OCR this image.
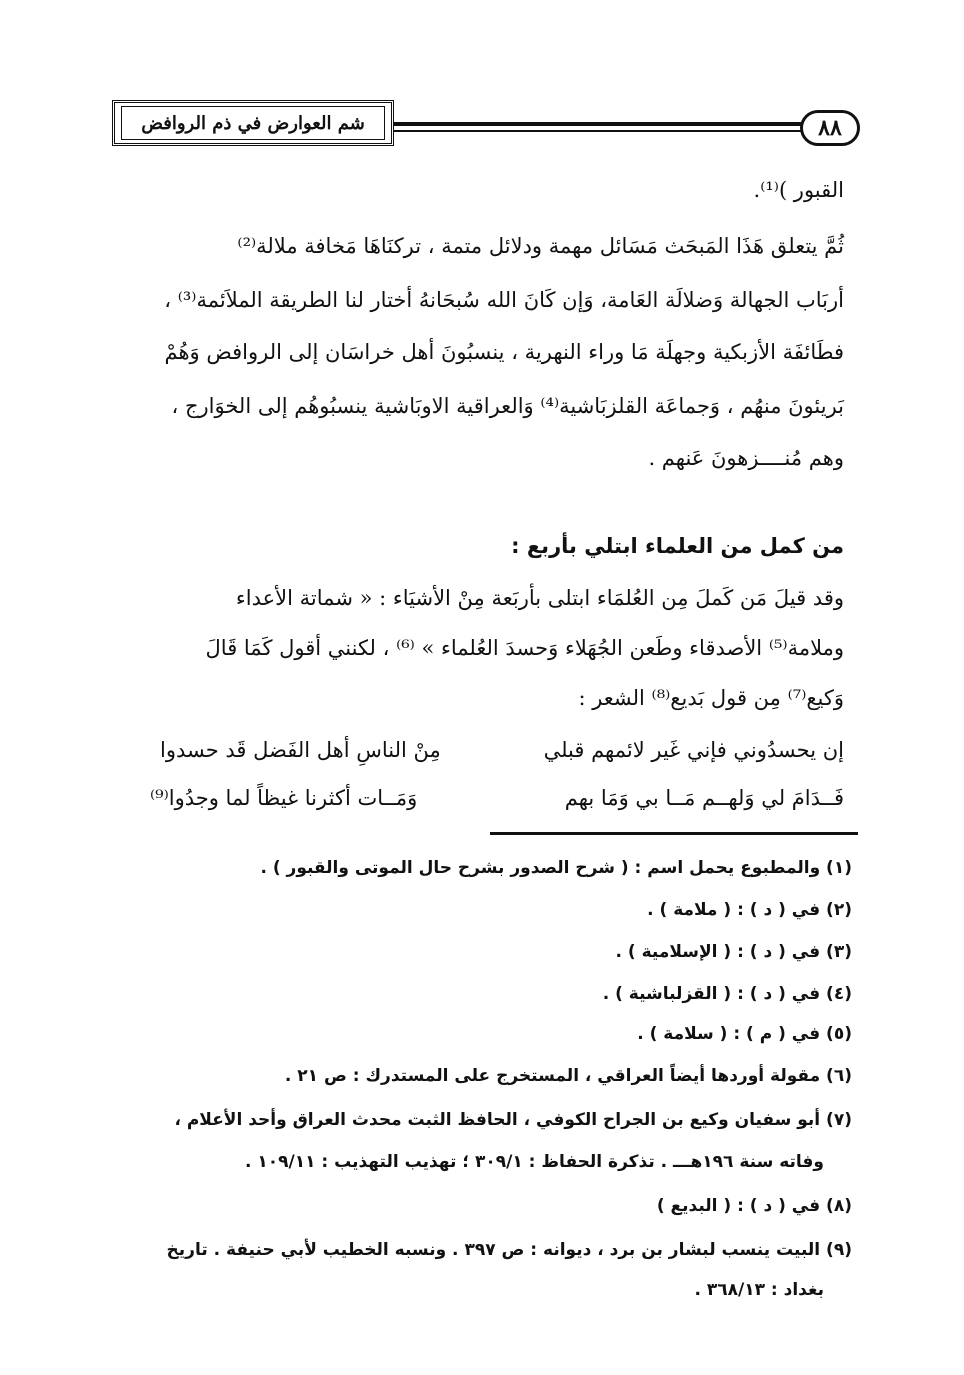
٨٨
شم العوارض في ذم الروافض
القبور )⁽¹⁾.
ثُمَّ يتعلق هَذَا المَبحَث مَسَائل مهمة ودلائل متمة ، تركنَاهَا مَخافة ملالة⁽²⁾
أربَاب الجهالة وَضلالَة العَامة، وَإن كَانَ الله سُبحَانهُ أختار لنا الطريقة الملاَئمة⁽³⁾ ،
فطَائفَة الأزبكية وجهلَة مَا وراء النهرية ، ينسبُونَ أهل خراسَان إلى الروافض وَهُمْ
بَريئونَ منهُم ، وَجماعَة القلزبَاشية⁽⁴⁾ وَالعراقية الاوبَاشية ينسبُوهُم إلى الخوَارج ،
وهم مُنــــزهونَ عَنهم .
من كمل من العلماء ابتلي بأربع :
وقد قيلَ مَن كَملَ مِن العُلمَاء ابتلى بأربَعة مِنْ الأشيَاء : « شماتة الأعداء
وملامة⁽⁵⁾ الأصدقاء وطَعن الجُهَلاء وَحسدَ العُلماء » ⁽⁶⁾ ، لكنني أقول كَمَا قَالَ
وَكيع⁽⁷⁾ مِن قول بَديع⁽⁸⁾ الشعر :
إن يحسدُوني فإني غَير لائمهم قبلي
مِنْ الناسِ أهل الفَضل قَد حسدوا
فَــدَامَ لي وَلهــم مَــا بي وَمَا بهم
وَمَــات أكثرنا غيظاً لما وجدُوا⁽⁹⁾
(١) والمطبوع يحمل اسم : ( شرح الصدور بشرح حال الموتى والقبور ) .
(٢) في ( د ) : ( ملامة ) .
(٣) في ( د ) : ( الإسلامية ) .
(٤) في ( د ) : ( القزلباشية ) .
(٥) في ( م ) : ( سلامة ) .
(٦) مقولة أوردها أيضاً العراقي ، المستخرج على المستدرك : ص ٢١ .
(٧) أبو سفيان وكيع بن الجراح الكوفي ، الحافظ الثبت محدث العراق وأحد الأعلام ،
وفاته سنة ١٩٦هـــ . تذكرة الحفاظ : ٣٠٩/١ ؛ تهذيب التهذيب : ١٠٩/١١ .
(٨) في ( د ) : ( البديع )
(٩) البيت ينسب لبشار بن برد ، ديوانه : ص ٣٩٧ . ونسبه الخطيب لأبي حنيفة . تاريخ
بغداد : ٣٦٨/١٣ .
